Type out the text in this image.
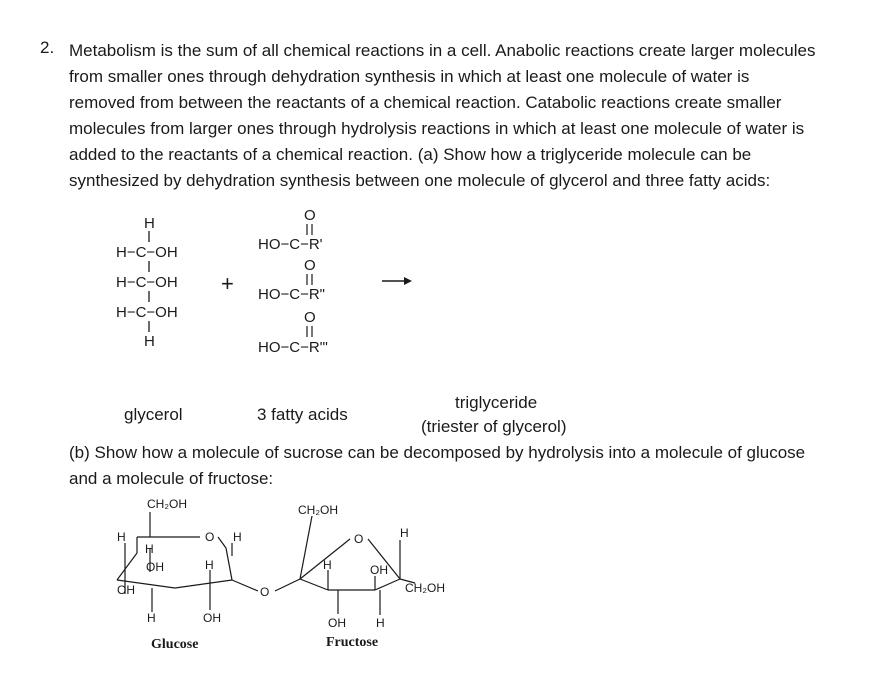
2. Metabolism is the sum of all chemical reactions in a cell. Anabolic reactions create larger molecules
from smaller ones through dehydration synthesis in which at least one molecule of water is
removed from between the reactants of a chemical reaction. Catabolic reactions create smaller
molecules from larger ones through hydrolysis reactions in which at least one molecule of water is
added to the reactants of a chemical reaction. (a) Show how a triglyceride molecule can be
synthesized by dehydration synthesis between one molecule of glycerol and three fatty acids:
H
H−C−OH
H−C−OH
H−C−OH
H
+
O
HO−C−R'
O
HO−C−R"
O
HO−C−R'"
glycerol	3 fatty acids
triglyceride
(triester of glycerol)
(b) Show how a molecule of sucrose can be decomposed by hydrolysis into a molecule of glucose
and a molecule of fructose:
CH₂OH
H	O H
H
OH	H
OH
H	OH
O
CH₂OH
O	H
H	OH
CH₂OH
OH	H
Glucose	Fructose
